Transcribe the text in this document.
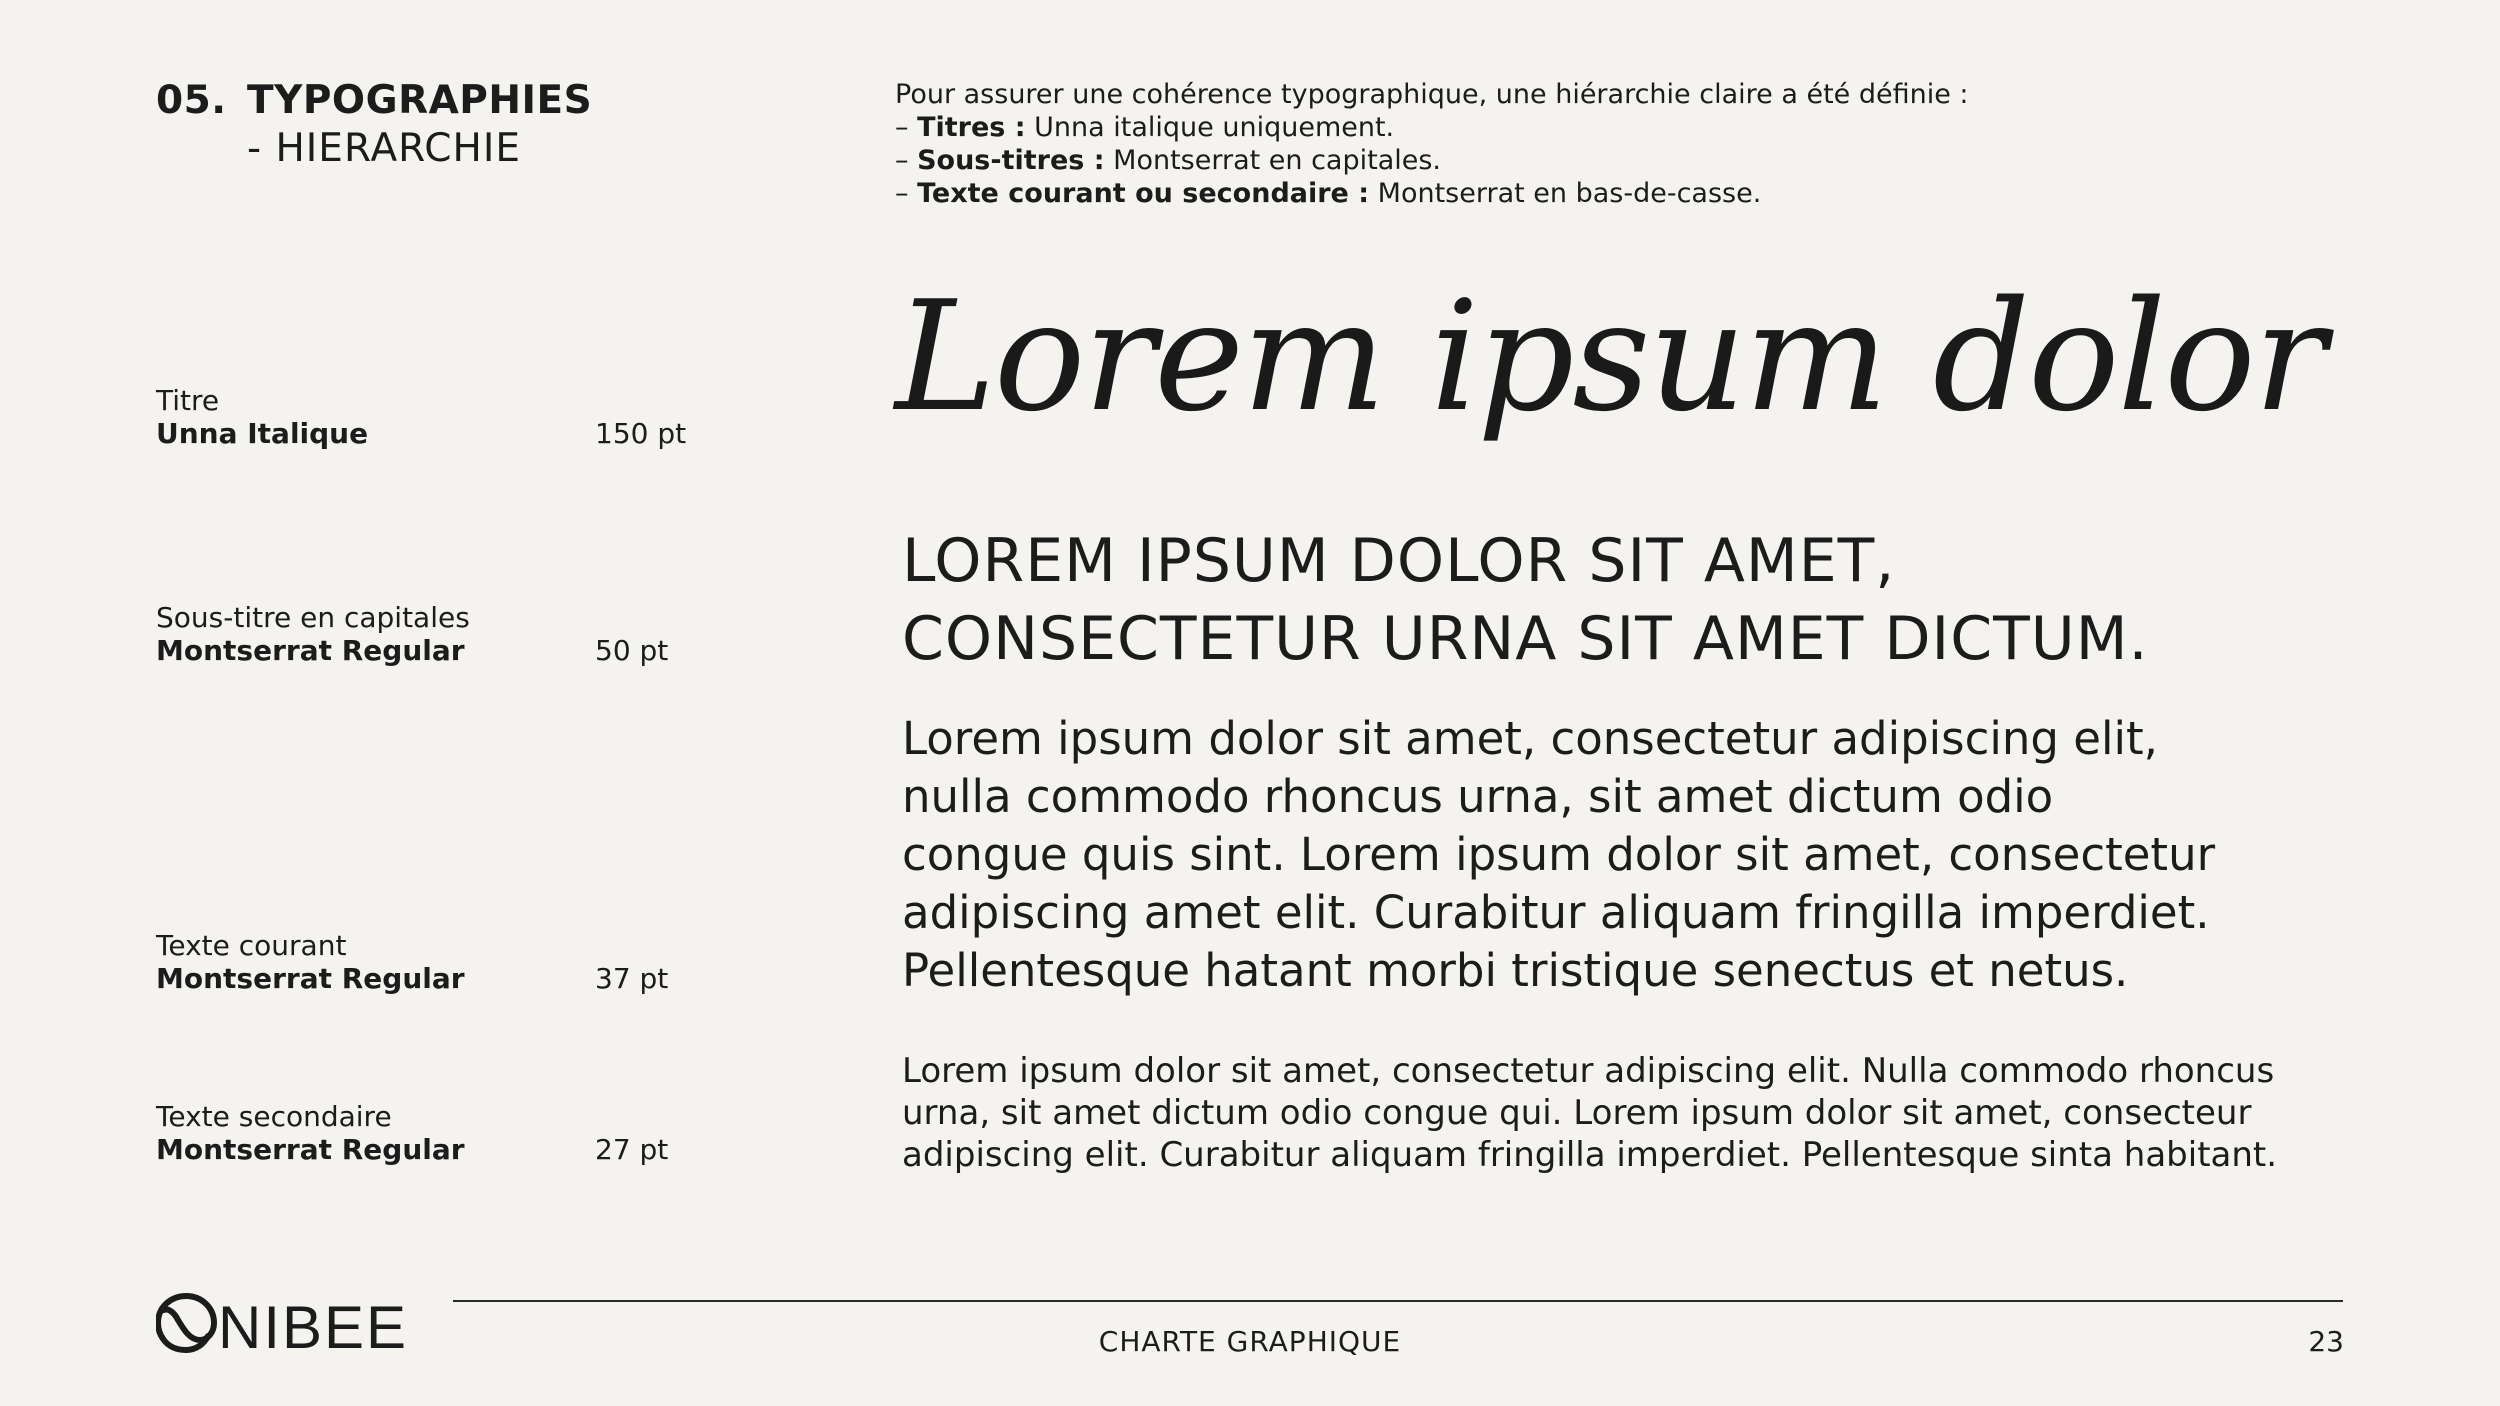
05. TYPOGRAPHIES
- HIERARCHIE
Pour assurer une cohérence typographique, une hiérarchie claire a été définie :
– Titres : Unna italique uniquement.
– Sous-titres : Montserrat en capitales.
– Texte courant ou secondaire : Montserrat en bas-de-casse.
Titre
Unna Italique	150 pt
Sous-titre en capitales
Montserrat Regular	50 pt
Texte courant
Montserrat Regular	37 pt
Texte secondaire
Montserrat Regular	27 pt
Lorem ipsum dolor
LOREM IPSUM DOLOR SIT AMET,
CONSECTETUR URNA SIT AMET DICTUM.
Lorem ipsum dolor sit amet, consectetur adipiscing elit,
nulla commodo rhoncus urna, sit amet dictum odio
congue quis sint. Lorem ipsum dolor sit amet, consectetur
adipiscing amet elit. Curabitur aliquam fringilla imperdiet.
Pellentesque hatant morbi tristique senectus et netus.
Lorem ipsum dolor sit amet, consectetur adipiscing elit. Nulla commodo rhoncus
urna, sit amet dictum odio congue qui. Lorem ipsum dolor sit amet, consecteur
adipiscing elit. Curabitur aliquam fringilla imperdiet. Pellentesque sinta habitant.
NIBEE	CHARTE GRAPHIQUE	23
